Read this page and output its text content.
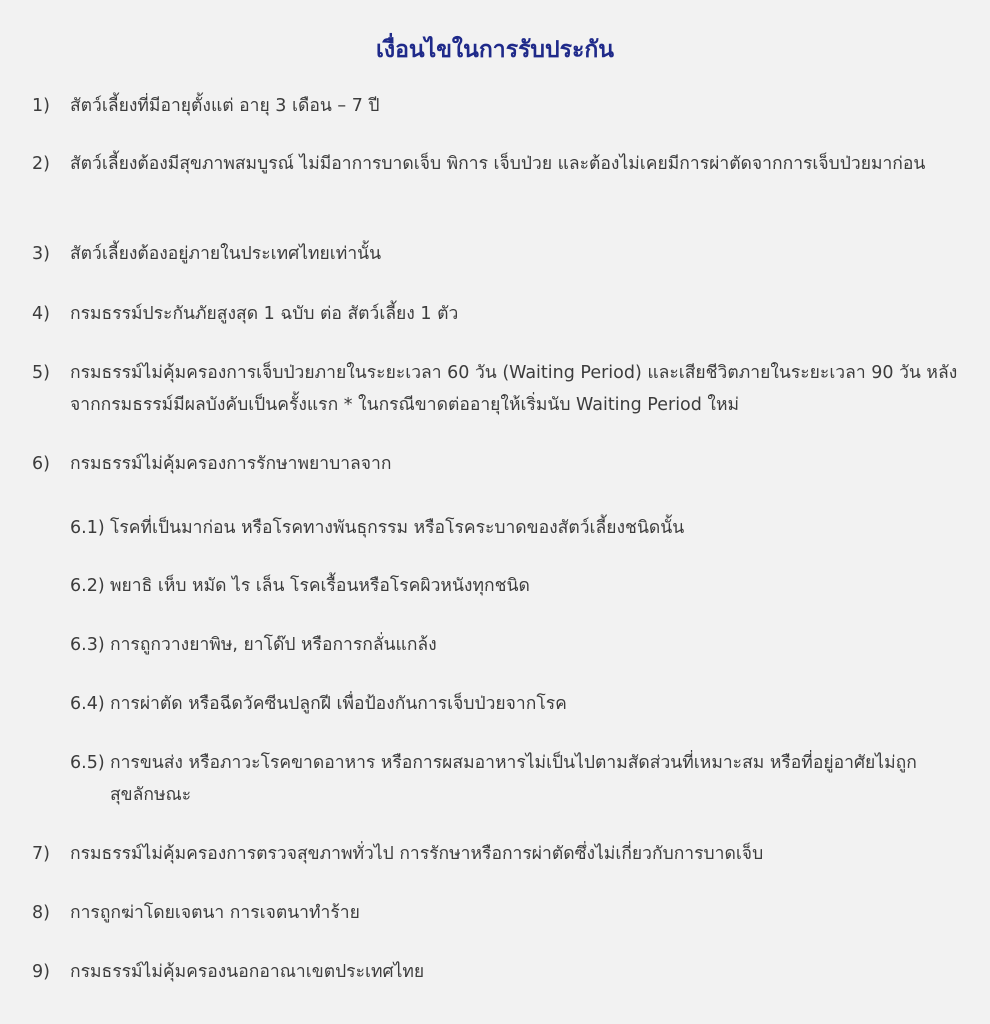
เงื่อนไขในการรับประกัน
1) สัตว์เลี้ยงที่มีอายุตั้งแต่ อายุ 3 เดือน – 7 ปี
2) สัตว์เลี้ยงต้องมีสุขภาพสมบูรณ์ ไม่มีอาการบาดเจ็บ พิการ เจ็บป่วย และต้องไม่เคยมีการผ่าตัดจากการเจ็บป่วยมาก่อน
3) สัตว์เลี้ยงต้องอยู่ภายในประเทศไทยเท่านั้น
4) กรมธรรม์ประกันภัยสูงสุด 1 ฉบับ ต่อ สัตว์เลี้ยง 1 ตัว
5) กรมธรรม์ไม่คุ้มครองการเจ็บป่วยภายในระยะเวลา 60 วัน (Waiting Period) และเสียชีวิตภายในระยะเวลา 90 วัน หลังจากกรมธรรม์มีผลบังคับเป็นครั้งแรก * ในกรณีขาดต่ออายุให้เริ่มนับ Waiting Period ใหม่
6) กรมธรรม์ไม่คุ้มครองการรักษาพยาบาลจาก
6.1) โรคที่เป็นมาก่อน หรือโรคทางพันธุกรรม หรือโรคระบาดของสัตว์เลี้ยงชนิดนั้น
6.2) พยาธิ เห็บ หมัด ไร เล็น โรคเรื้อนหรือโรคผิวหนังทุกชนิด
6.3) การถูกวางยาพิษ, ยาโด๊ป หรือการกลั่นแกล้ง
6.4) การผ่าตัด หรือฉีดวัคซีนปลูกฝี เพื่อป้องกันการเจ็บป่วยจากโรค
6.5) การขนส่ง หรือภาวะโรคขาดอาหาร หรือการผสมอาหารไม่เป็นไปตามสัดส่วนที่เหมาะสม หรือที่อยู่อาศัยไม่ถูกสุขลักษณะ
7) กรมธรรม์ไม่คุ้มครองการตรวจสุขภาพทั่วไป การรักษาหรือการผ่าตัดซึ่งไม่เกี่ยวกับการบาดเจ็บ
8) การถูกฆ่าโดยเจตนา การเจตนาทำร้าย
9) กรมธรรม์ไม่คุ้มครองนอกอาณาเขตประเทศไทย
